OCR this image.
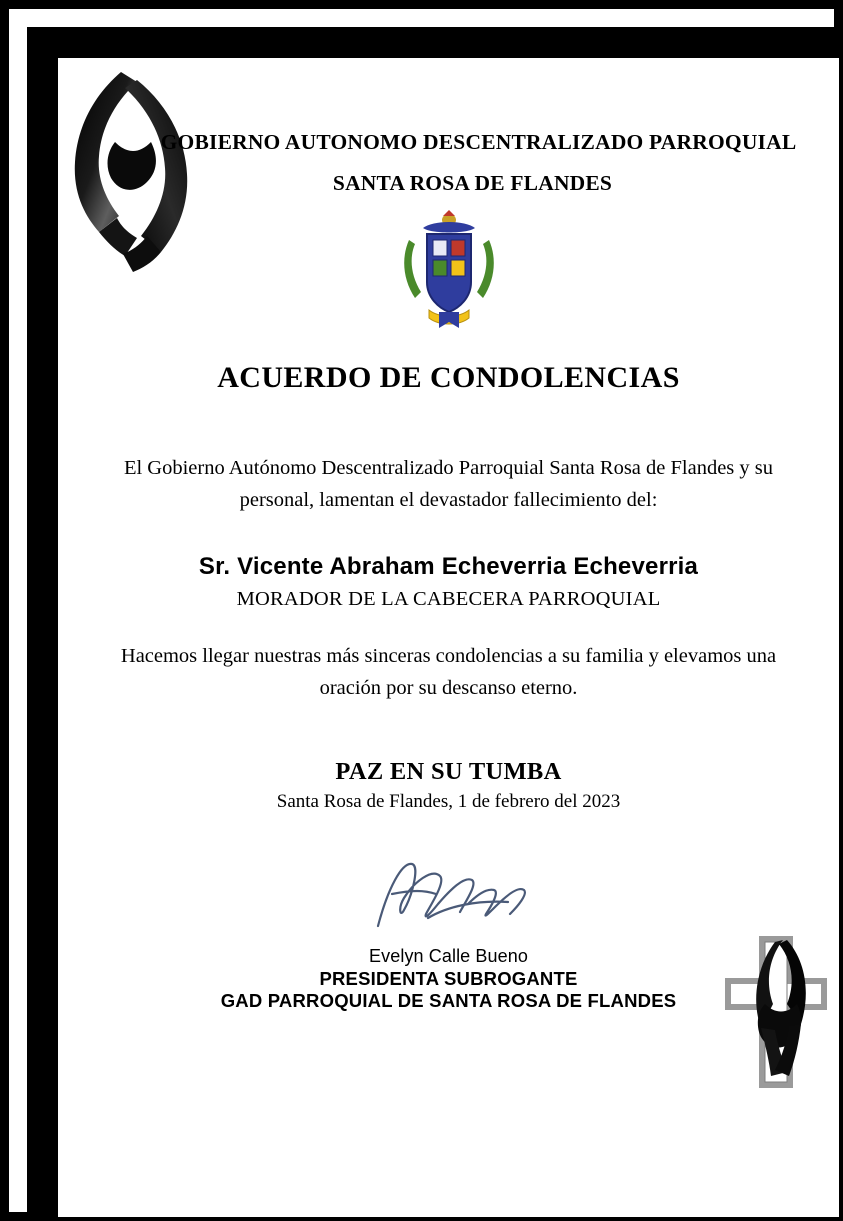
GOBIERNO AUTONOMO DESCENTRALIZADO PARROQUIAL
SANTA ROSA DE FLANDES
ACUERDO DE CONDOLENCIAS
El Gobierno Autónomo Descentralizado Parroquial Santa Rosa de Flandes y su personal, lamentan el devastador fallecimiento del:
Sr. Vicente Abraham Echeverria Echeverria
MORADOR DE LA CABECERA PARROQUIAL
Hacemos llegar nuestras más sinceras condolencias a su familia y elevamos una oración por su descanso eterno.
PAZ EN SU TUMBA
Santa Rosa de Flandes, 1 de febrero del 2023
Evelyn Calle Bueno
PRESIDENTA SUBROGANTE
GAD PARROQUIAL DE SANTA ROSA DE FLANDES
